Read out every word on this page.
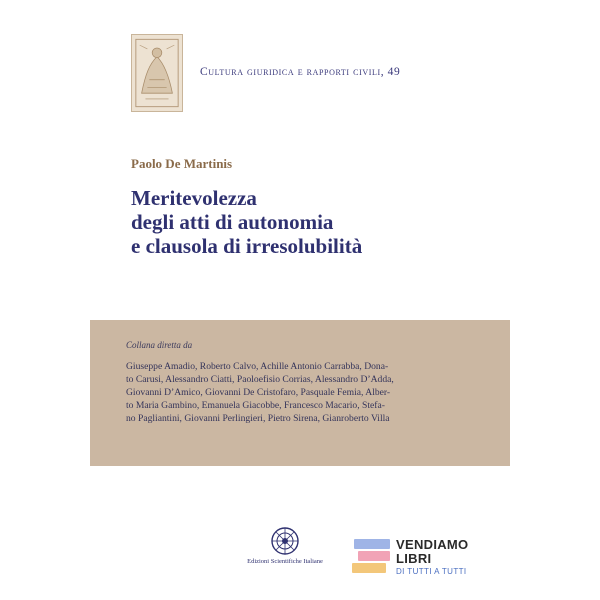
Cultura giuridica e rapporti civili, 49
Paolo De Martinis
Meritevolezza
degli atti di autonomia
e clausola di irresolubilità
Collana diretta da
Giuseppe Amadio, Roberto Calvo, Achille Antonio Carrabba, Dona-
to Carusi, Alessandro Ciatti, Paoloefisio Corrias, Alessandro D’Adda,
Giovanni D’Amico, Giovanni De Cristofaro, Pasquale Femia, Alber-
to Maria Gambino, Emanuela Giacobbe, Francesco Macario, Stefa-
no Pagliantini, Giovanni Perlingieri, Pietro Sirena, Gianroberto Villa
Edizioni Scientifiche Italiane
VENDIAMO
LIBRI
DI TUTTI A TUTTI
